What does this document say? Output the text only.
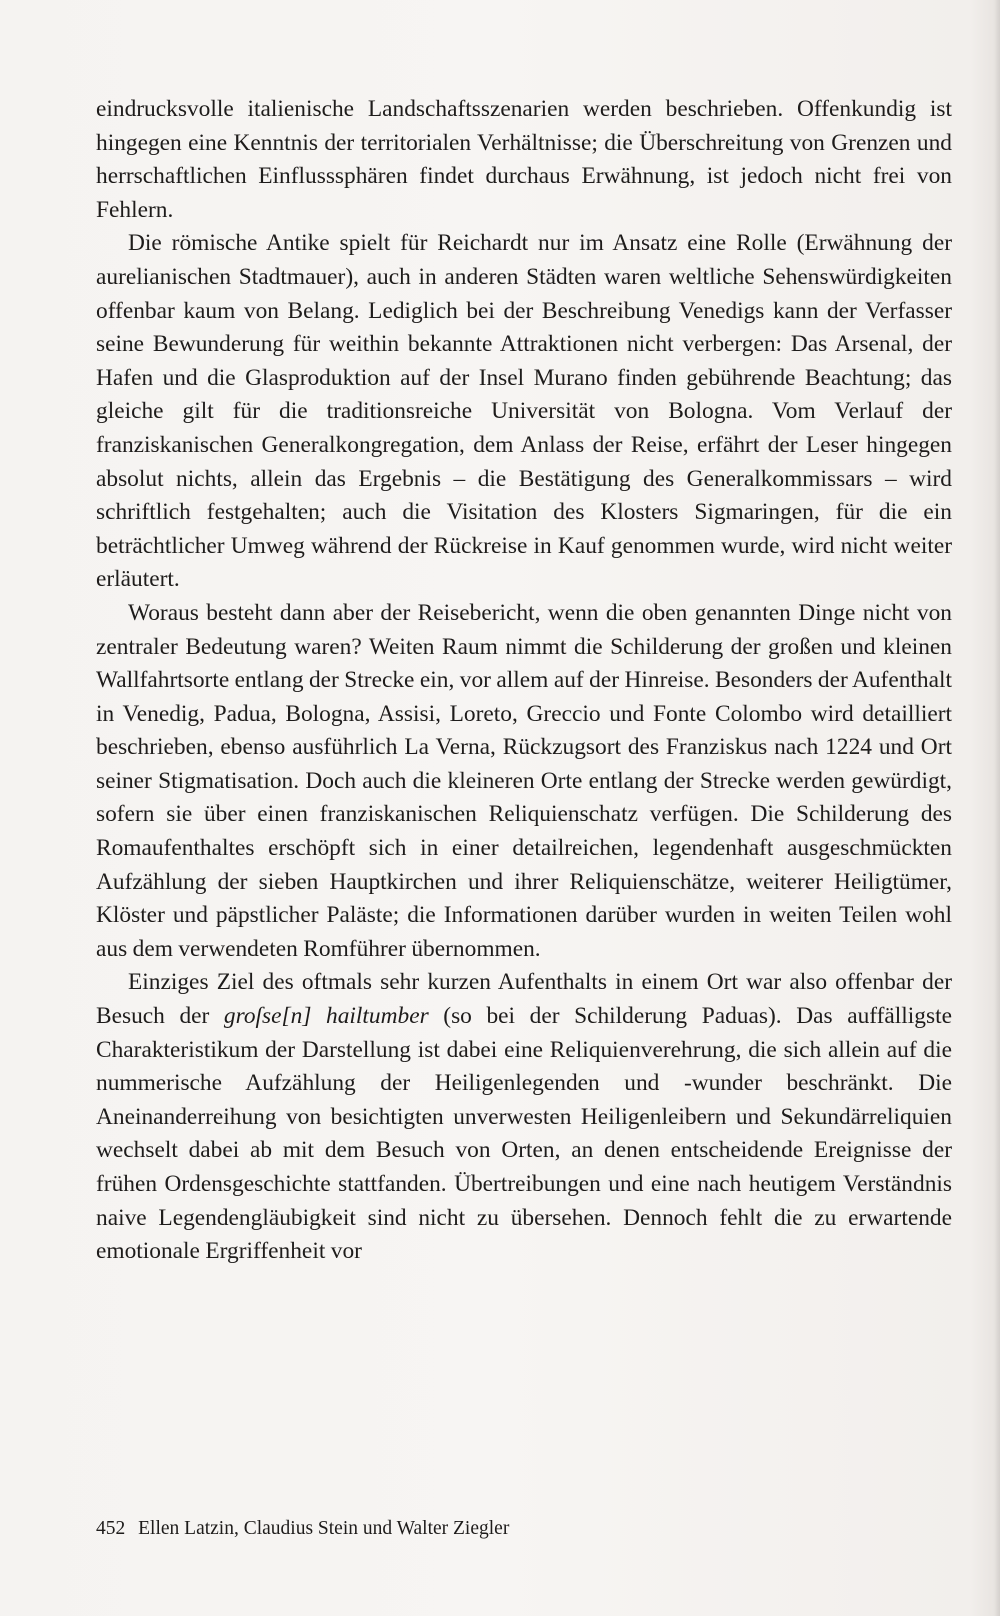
eindrucksvolle italienische Landschaftsszenarien werden beschrieben. Offenkundig ist hingegen eine Kenntnis der territorialen Verhältnisse; die Überschreitung von Grenzen und herrschaftlichen Einflusssphären findet durchaus Erwähnung, ist jedoch nicht frei von Fehlern.

Die römische Antike spielt für Reichardt nur im Ansatz eine Rolle (Erwähnung der aurelianischen Stadtmauer), auch in anderen Städten waren weltliche Sehenswürdigkeiten offenbar kaum von Belang. Lediglich bei der Beschreibung Venedigs kann der Verfasser seine Bewunderung für weithin bekannte Attraktionen nicht verbergen: Das Arsenal, der Hafen und die Glasproduktion auf der Insel Murano finden gebührende Beachtung; das gleiche gilt für die traditionsreiche Universität von Bologna. Vom Verlauf der franziskanischen Generalkongregation, dem Anlass der Reise, erfährt der Leser hingegen absolut nichts, allein das Ergebnis – die Bestätigung des Generalkommissars – wird schriftlich festgehalten; auch die Visitation des Klosters Sigmaringen, für die ein beträchtlicher Umweg während der Rückreise in Kauf genommen wurde, wird nicht weiter erläutert.

Woraus besteht dann aber der Reisebericht, wenn die oben genannten Dinge nicht von zentraler Bedeutung waren? Weiten Raum nimmt die Schilderung der großen und kleinen Wallfahrtsorte entlang der Strecke ein, vor allem auf der Hinreise. Besonders der Aufenthalt in Venedig, Padua, Bologna, Assisi, Loreto, Greccio und Fonte Colombo wird detailliert beschrieben, ebenso ausführlich La Verna, Rückzugsort des Franziskus nach 1224 und Ort seiner Stigmatisation. Doch auch die kleineren Orte entlang der Strecke werden gewürdigt, sofern sie über einen franziskanischen Reliquienschatz verfügen. Die Schilderung des Romaufenthaltes erschöpft sich in einer detailreichen, legendenhaft ausgeschmückten Aufzählung der sieben Hauptkirchen und ihrer Reliquienschätze, weiterer Heiligtümer, Klöster und päpstlicher Paläste; die Informationen darüber wurden in weiten Teilen wohl aus dem verwendeten Romführer übernommen.

Einziges Ziel des oftmals sehr kurzen Aufenthalts in einem Ort war also offenbar der Besuch der groſse[n] hailtumber (so bei der Schilderung Paduas). Das auffälligste Charakteristikum der Darstellung ist dabei eine Reliquienverehrung, die sich allein auf die nummerische Aufzählung der Heiligenlegenden und -wunder beschränkt. Die Aneinanderreihung von besichtigten unverwesten Heiligenleibern und Sekundärreliquien wechselt dabei ab mit dem Besuch von Orten, an denen entscheidende Ereignisse der frühen Ordensgeschichte stattfanden. Übertreibungen und eine nach heutigem Verständnis naive Legendengläubigkeit sind nicht zu übersehen. Dennoch fehlt die zu erwartende emotionale Ergriffenheit vor

452 Ellen Latzin, Claudius Stein und Walter Ziegler
